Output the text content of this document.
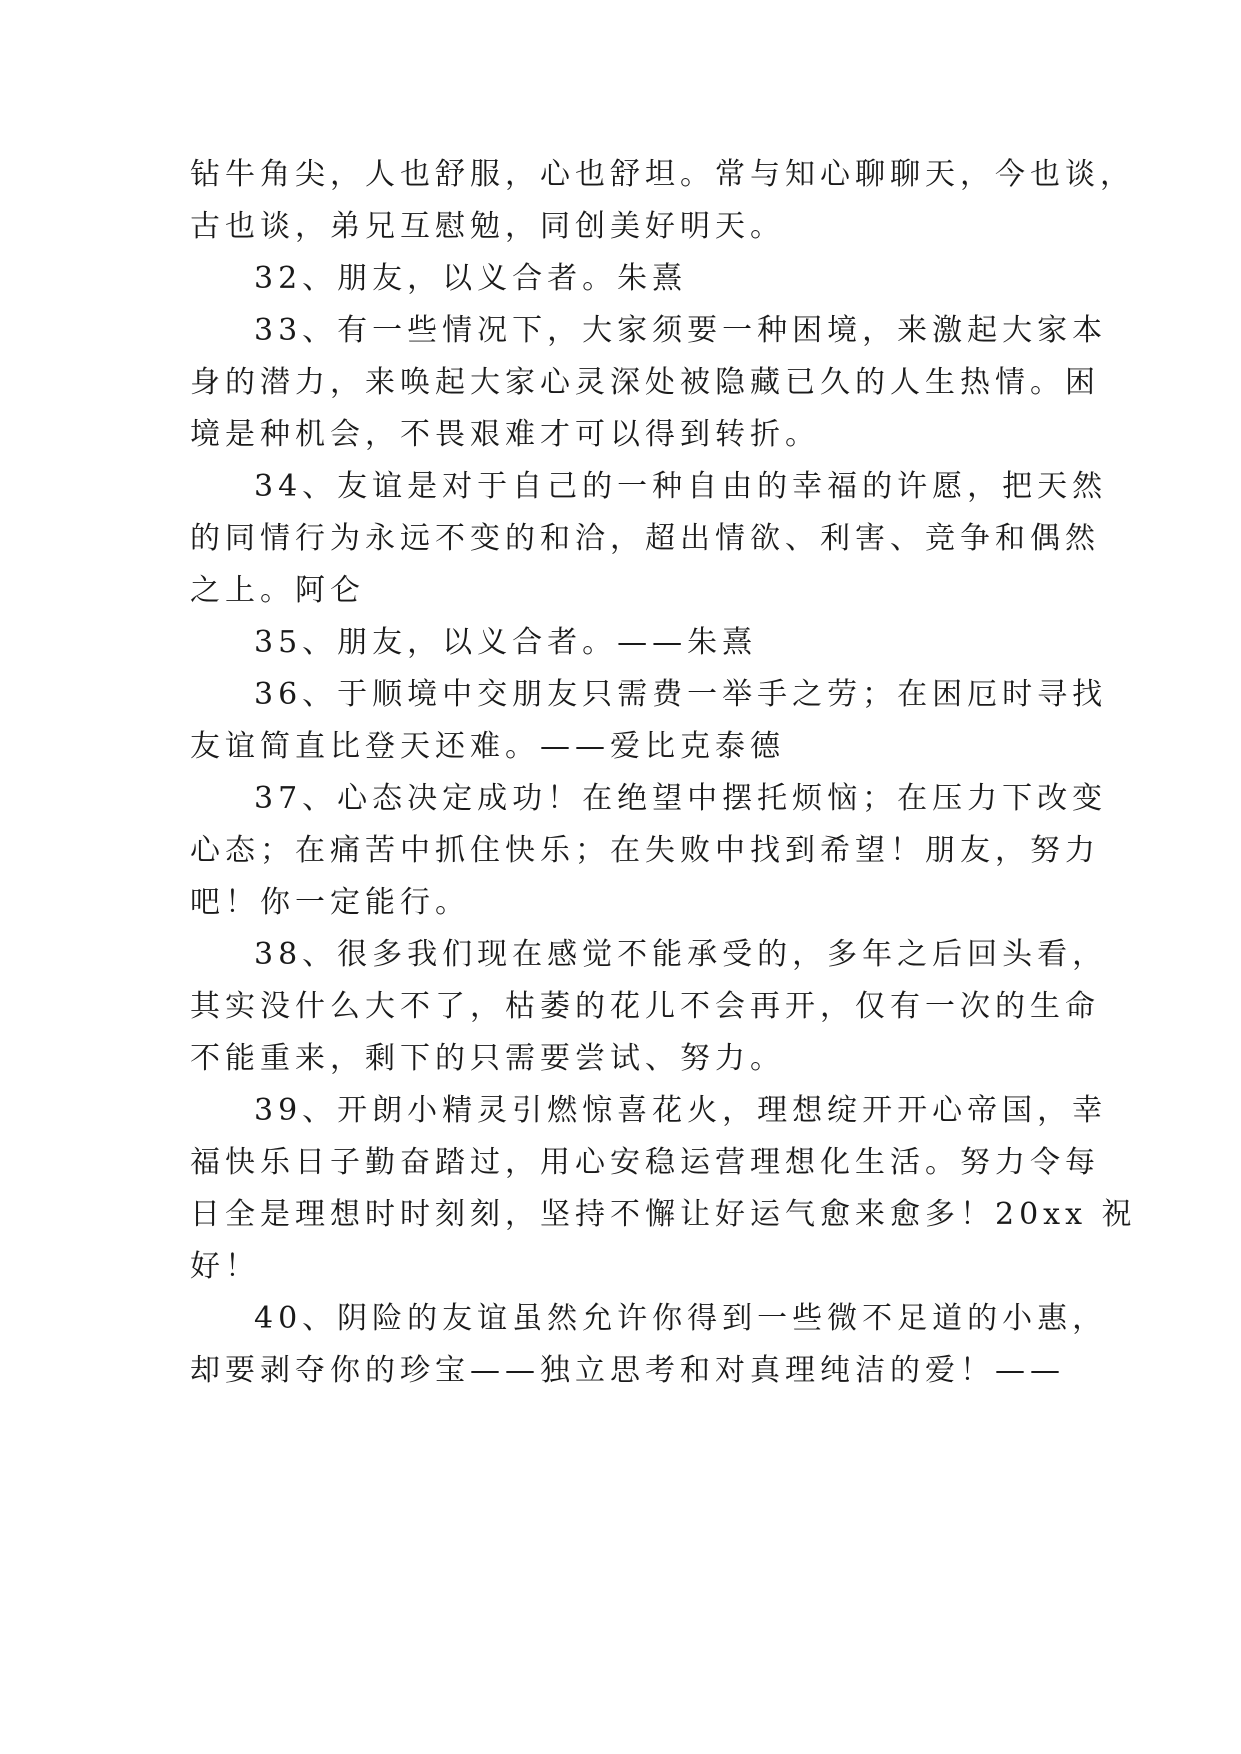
钻牛角尖，人也舒服，心也舒坦。常与知心聊聊天，今也谈，
古也谈，弟兄互慰勉，同创美好明天。
32、朋友，以义合者。朱熹
33、有一些情况下，大家须要一种困境，来激起大家本
身的潜力，来唤起大家心灵深处被隐藏已久的人生热情。困
境是种机会，不畏艰难才可以得到转折。
34、友谊是对于自己的一种自由的幸福的许愿，把天然
的同情行为永远不变的和洽，超出情欲、利害、竞争和偶然
之上。阿仑
35、朋友，以义合者。——朱熹
36、于顺境中交朋友只需费一举手之劳；在困厄时寻找
友谊简直比登天还难。——爱比克泰德
37、心态决定成功！在绝望中摆托烦恼；在压力下改变
心态；在痛苦中抓住快乐；在失败中找到希望！朋友，努力
吧！你一定能行。
38、很多我们现在感觉不能承受的，多年之后回头看，
其实没什么大不了，枯萎的花儿不会再开，仅有一次的生命
不能重来，剩下的只需要尝试、努力。
39、开朗小精灵引燃惊喜花火，理想绽开开心帝国，幸
福快乐日子勤奋踏过，用心安稳运营理想化生活。努力令每
日全是理想时时刻刻，坚持不懈让好运气愈来愈多！20xx 祝
好！
40、阴险的友谊虽然允许你得到一些微不足道的小惠，
却要剥夺你的珍宝——独立思考和对真理纯洁的爱！——
